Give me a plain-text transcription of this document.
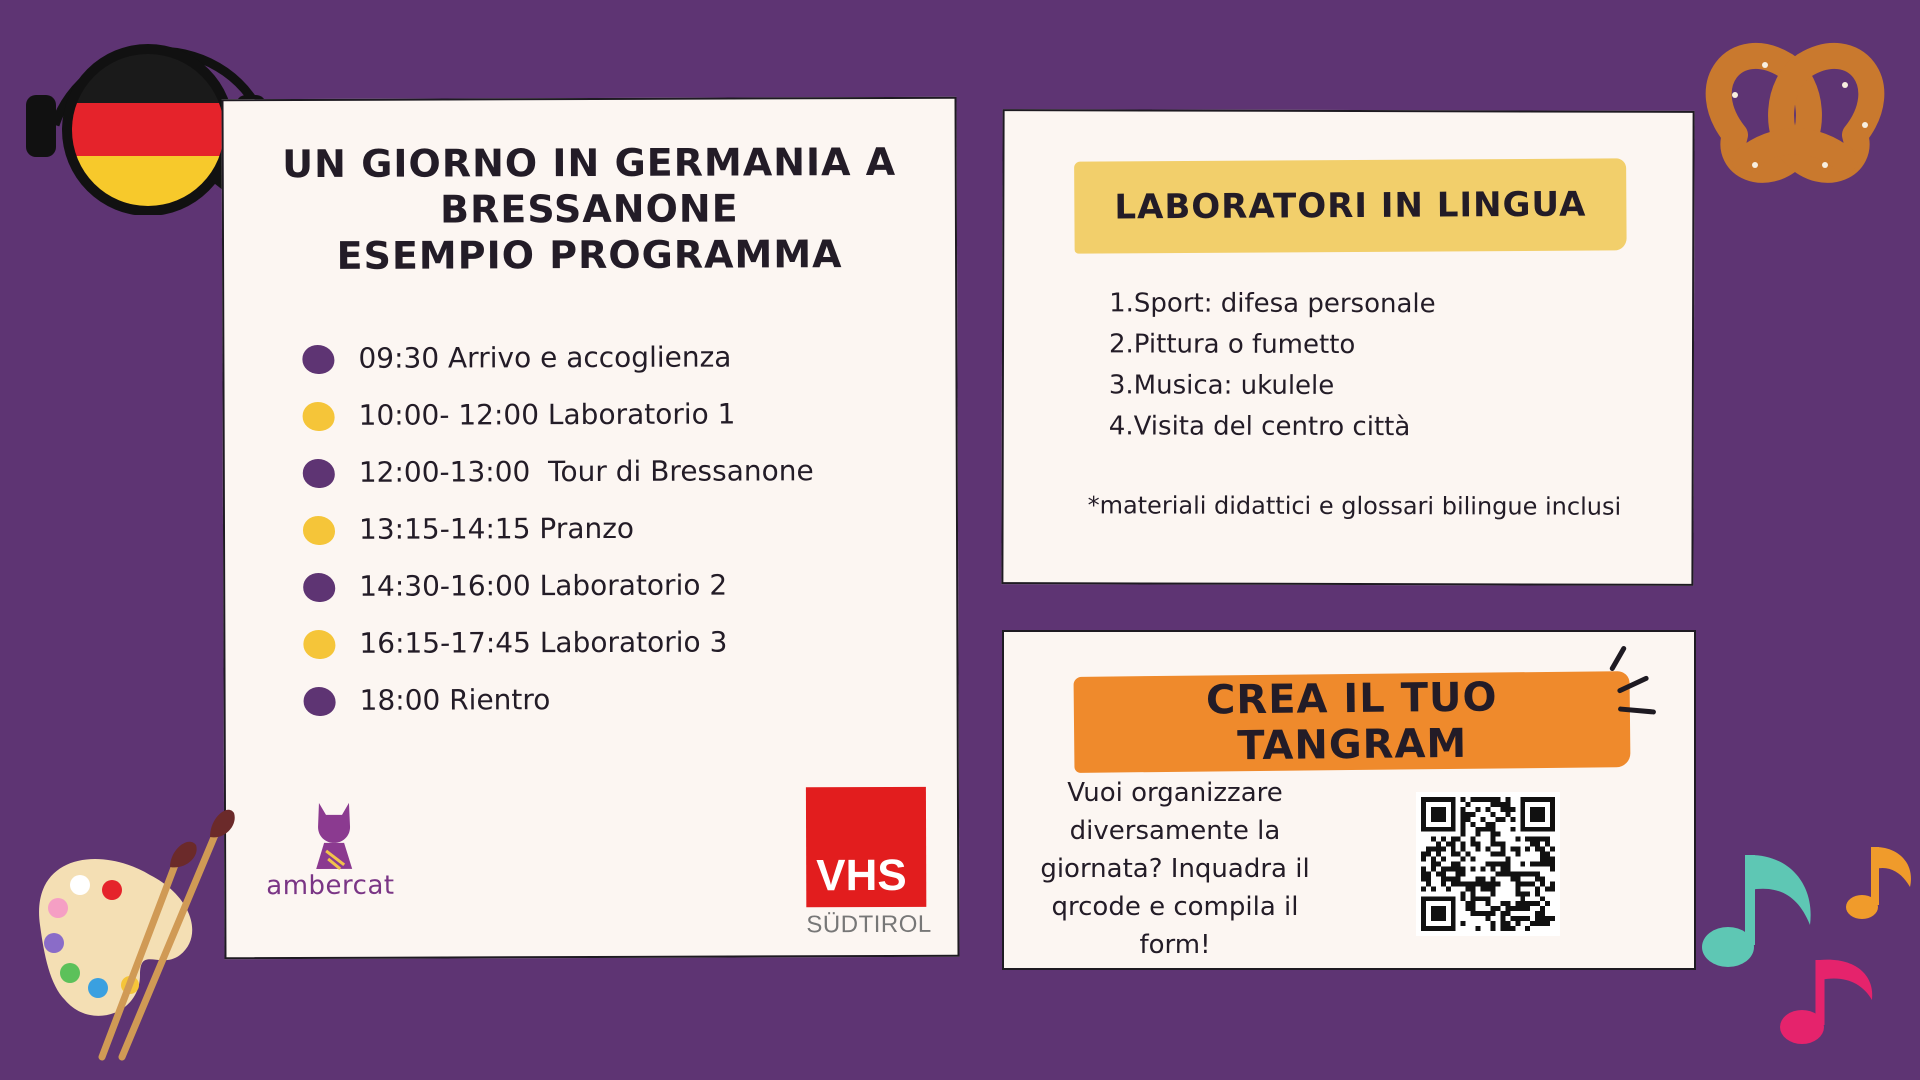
UN GIORNO IN GERMANIA A
BRESSANONE
ESEMPIO PROGRAMMA
09:30 Arrivo e accoglienza
10:00- 12:00 Laboratorio 1
12:00-13:00  Tour di Bressanone
13:15-14:15 Pranzo
14:30-16:00 Laboratorio 2
16:15-17:45 Laboratorio 3
18:00 Rientro
ambercat	VHS
SÜDTIROL
LABORATORI IN LINGUA
1.Sport: difesa personale
2.Pittura o fumetto
3.Musica: ukulele
4.Visita del centro città
*materiali didattici e glossari bilingue inclusi
CREA IL TUO
TANGRAM
Vuoi organizzare
diversamente la
giornata? Inquadra il
qrcode e compila il
form!
